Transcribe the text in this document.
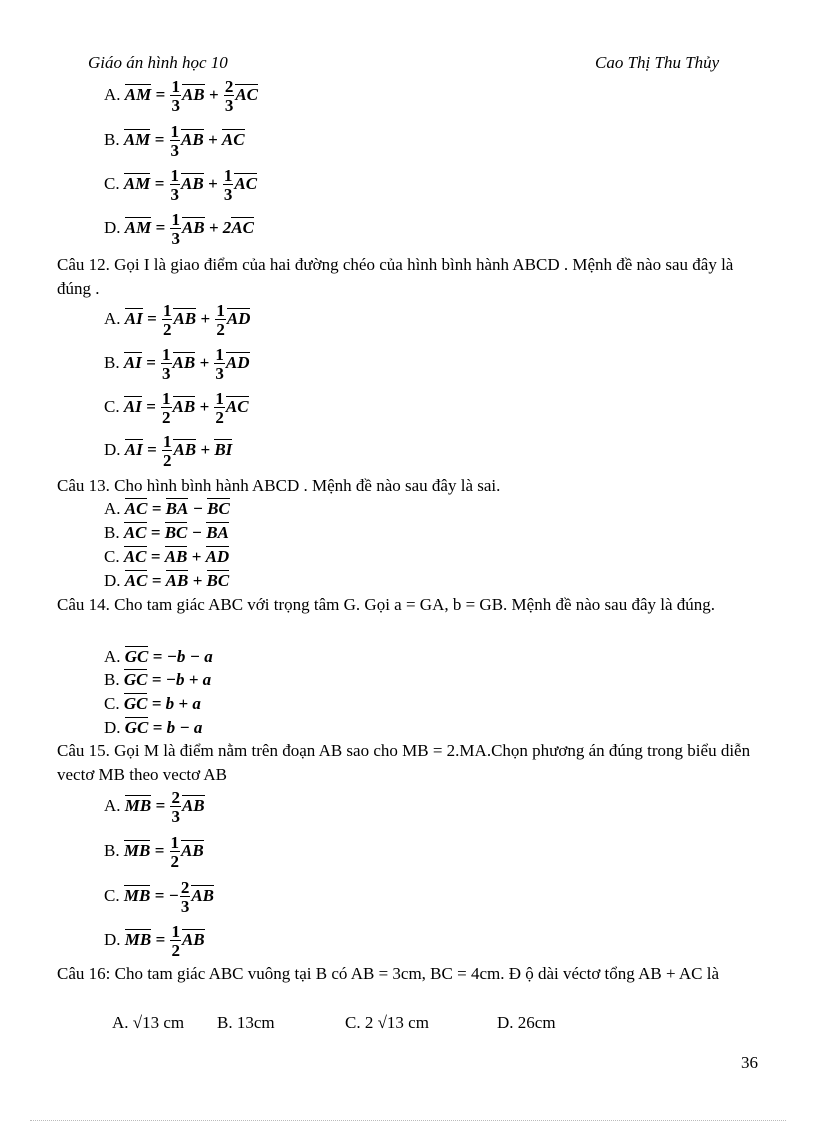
Giáo án hình học 10	Cao Thị Thu Thủy
A. AM = $\frac{1}{3}$ AB + $\frac{2}{3}$ AC
B. AM = $\frac{1}{3}$ AB + AC
C. AM = $\frac{1}{3}$ AB + $\frac{1}{3}$ AC
D. AM = $\frac{1}{3}$ AB + 2AC
Câu 12. Gọi I là giao điểm của hai đường chéo của hình bình hành ABCD . Mệnh đề nào sau đây là đúng .
A. AI = $\frac{1}{2}$ AB + $\frac{1}{2}$ AD
B. AI = $\frac{1}{3}$ AB + $\frac{1}{3}$ AD
C. AI = $\frac{1}{2}$ AB + $\frac{1}{2}$ AC
D. AI = $\frac{1}{2}$ AB + BI
Câu 13. Cho hình bình hành ABCD . Mệnh đề nào sau đây là sai.
A. AC = BA − BC
B. AC = BC − BA
C. AC = AB + AD
D. AC = AB + BC
Câu 14. Cho tam giác ABC với trọng tâm G. Gọi a = GA, b = GB. Mệnh đề nào sau đây là đúng.
A. GC = −b − a
B. GC = −b + a
C. GC = b + a
D. GC = b − a
Câu 15. Gọi M là điểm nằm trên đoạn AB sao cho MB = 2.MA.Chọn phương án đúng trong biểu diễn vectơ MB theo vectơ AB
A. MB = $\frac{2}{3}$ AB
B. MB = $\frac{1}{2}$ AB
C. MB = − $\frac{2}{3}$ AB
D. MB = $\frac{1}{2}$ AB
Câu 16: Cho tam giác ABC vuông tại B có AB = 3cm, BC = 4cm. Đ ộ dài véctơ tổng AB + AC là
A. √13 cm B. 13cm	C. 2 √13 cm	D. 26cm
36
